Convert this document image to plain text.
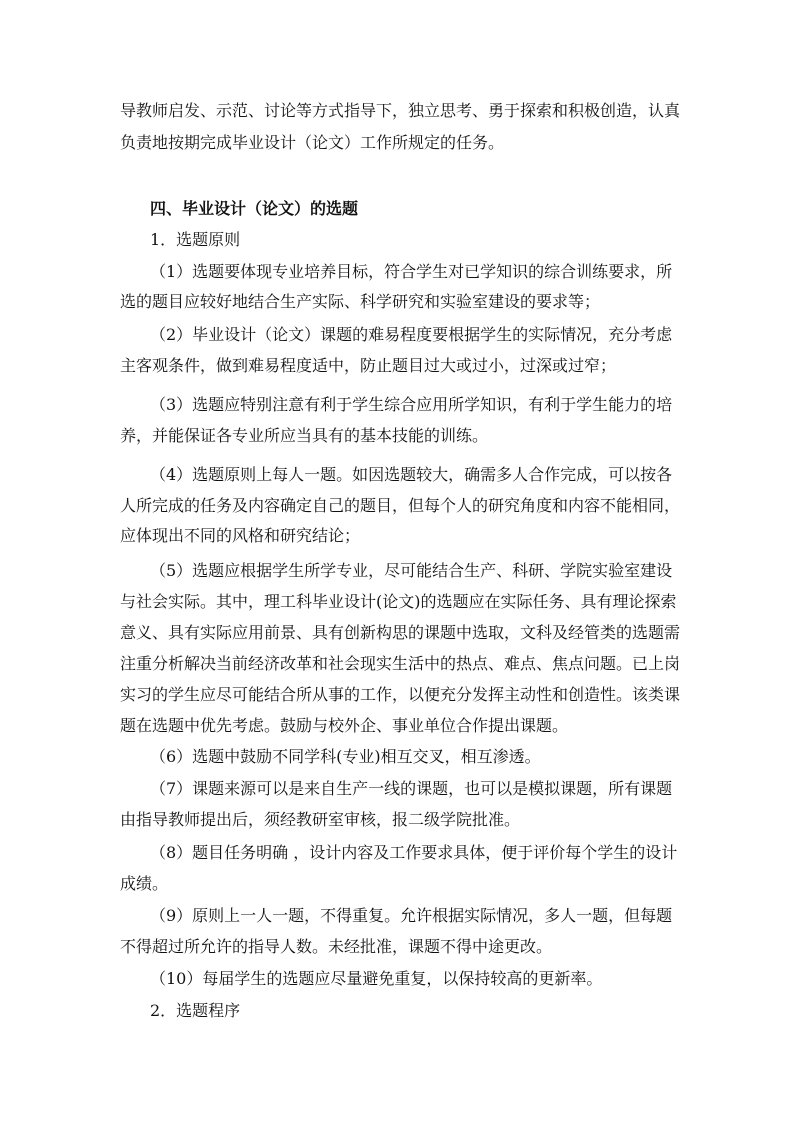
导教师启发、示范、讨论等方式指导下，独立思考、勇于探索和积极创造，认真
负责地按期完成毕业设计（论文）工作所规定的任务。
四、毕业设计（论文）的选题
1．选题原则
（1）选题要体现专业培养目标，符合学生对已学知识的综合训练要求，所
选的题目应较好地结合生产实际、科学研究和实验室建设的要求等；
（2）毕业设计（论文）课题的难易程度要根据学生的实际情况，充分考虑
主客观条件，做到难易程度适中，防止题目过大或过小，过深或过窄；
（3）选题应特别注意有利于学生综合应用所学知识，有利于学生能力的培
养，并能保证各专业所应当具有的基本技能的训练。
（4）选题原则上每人一题。如因选题较大，确需多人合作完成，可以按各
人所完成的任务及内容确定自己的题目，但每个人的研究角度和内容不能相同，
应体现出不同的风格和研究结论；
（5）选题应根据学生所学专业，尽可能结合生产、科研、学院实验室建设
与社会实际。其中，理工科毕业设计(论文)的选题应在实际任务、具有理论探索
意义、具有实际应用前景、具有创新构思的课题中选取，文科及经管类的选题需
注重分析解决当前经济改革和社会现实生活中的热点、难点、焦点问题。已上岗
实习的学生应尽可能结合所从事的工作，以便充分发挥主动性和创造性。该类课
题在选题中优先考虑。鼓励与校外企、事业单位合作提出课题。
（6）选题中鼓励不同学科(专业)相互交叉，相互渗透。
（7）课题来源可以是来自生产一线的课题，也可以是模拟课题，所有课题
由指导教师提出后，须经教研室审核，报二级学院批准。
（8）题目任务明确 ，设计内容及工作要求具体，便于评价每个学生的设计
成绩。
（9）原则上一人一题，不得重复。允许根据实际情况，多人一题，但每题
不得超过所允许的指导人数。未经批准，课题不得中途更改。
（10）每届学生的选题应尽量避免重复，以保持较高的更新率。
2．选题程序
